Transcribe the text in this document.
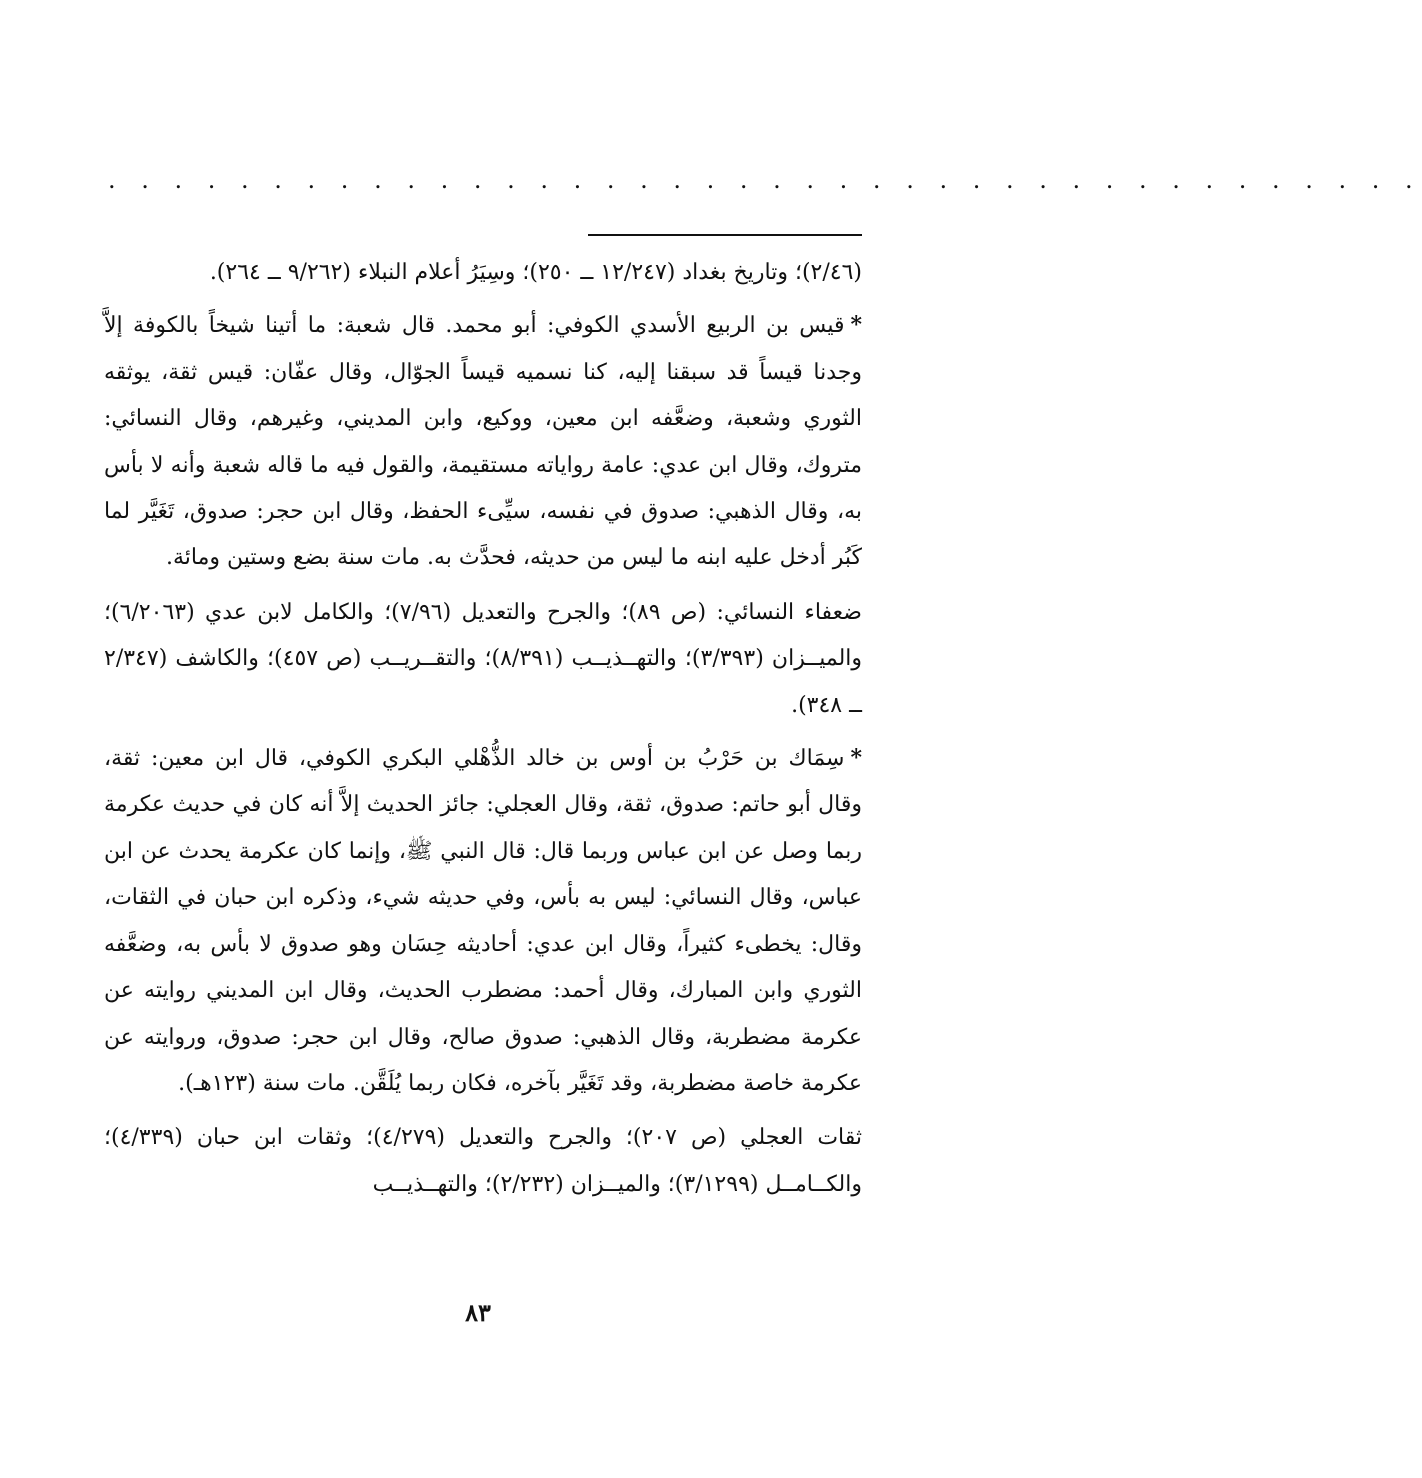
. . . . . . . . . . . . . . . . . . . . . . . . . . . . . . . . . . . . . . . .

(٢/٤٦)؛ وتاريخ بغداد (١٢/٢٤٧ ــ ٢٥٠)؛ وسِيَرُ أعلام النبلاء (٩/٢٦٢ ــ ٢٦٤).

*قيس بن الربيع الأسدي الكوفي: أبو محمد. قال شعبة: ما أتينا شيخاً بالكوفة إلاَّ وجدنا قيساً قد سبقنا إليه، كنا نسميه قيساً الجوّال، وقال عفّان: قيس ثقة، يوثقه الثوري وشعبة، وضعَّفه ابن معين، ووكيع، وابن المديني، وغيرهم، وقال النسائي: متروك، وقال ابن عدي: عامة رواياته مستقيمة، والقول فيه ما قاله شعبة وأنه لا بأس به، وقال الذهبي: صدوق في نفسه، سيِّىء الحفظ، وقال ابن حجر: صدوق، تَغَيَّر لما كَبُر أدخل عليه ابنه ما ليس من حديثه، فحدَّث به. مات سنة بضع وستين ومائة.

ضعفاء النسائي: (ص ٨٩)؛ والجرح والتعديل (٧/٩٦)؛ والكامل لابن عدي (٦/٢٠٦٣)؛ والميــزان (٣/٣٩٣)؛ والتهــذيــب (٨/٣٩١)؛ والتقــريــب (ص ٤٥٧)؛ والكاشف (٢/٣٤٧ ــ ٣٤٨).

*سِمَاك بن حَرْبُ بن أوس بن خالد الذُّهْلي البكري الكوفي، قال ابن معين: ثقة، وقال أبو حاتم: صدوق، ثقة، وقال العجلي: جائز الحديث إلاَّ أنه كان في حديث عكرمة ربما وصل عن ابن عباس وربما قال: قال النبي ﷺ، وإنما كان عكرمة يحدث عن ابن عباس، وقال النسائي: ليس به بأس، وفي حديثه شيء، وذكره ابن حبان في الثقات، وقال: يخطىء كثيراً، وقال ابن عدي: أحاديثه حِسَان وهو صدوق لا بأس به، وضعَّفه الثوري وابن المبارك، وقال أحمد: مضطرب الحديث، وقال ابن المديني روايته عن عكرمة مضطربة، وقال الذهبي: صدوق صالح، وقال ابن حجر: صدوق، وروايته عن عكرمة خاصة مضطربة، وقد تَغَيَّر بآخره، فكان ربما يُلَقَّن. مات سنة (١٢٣هـ).

ثقات العجلي (ص ٢٠٧)؛ والجرح والتعديل (٤/٢٧٩)؛ وثقات ابن حبان (٤/٣٣٩)؛ والكــامــل (٣/١٢٩٩)؛ والميــزان (٢/٢٣٢)؛ والتهــذيــب

٨٣
